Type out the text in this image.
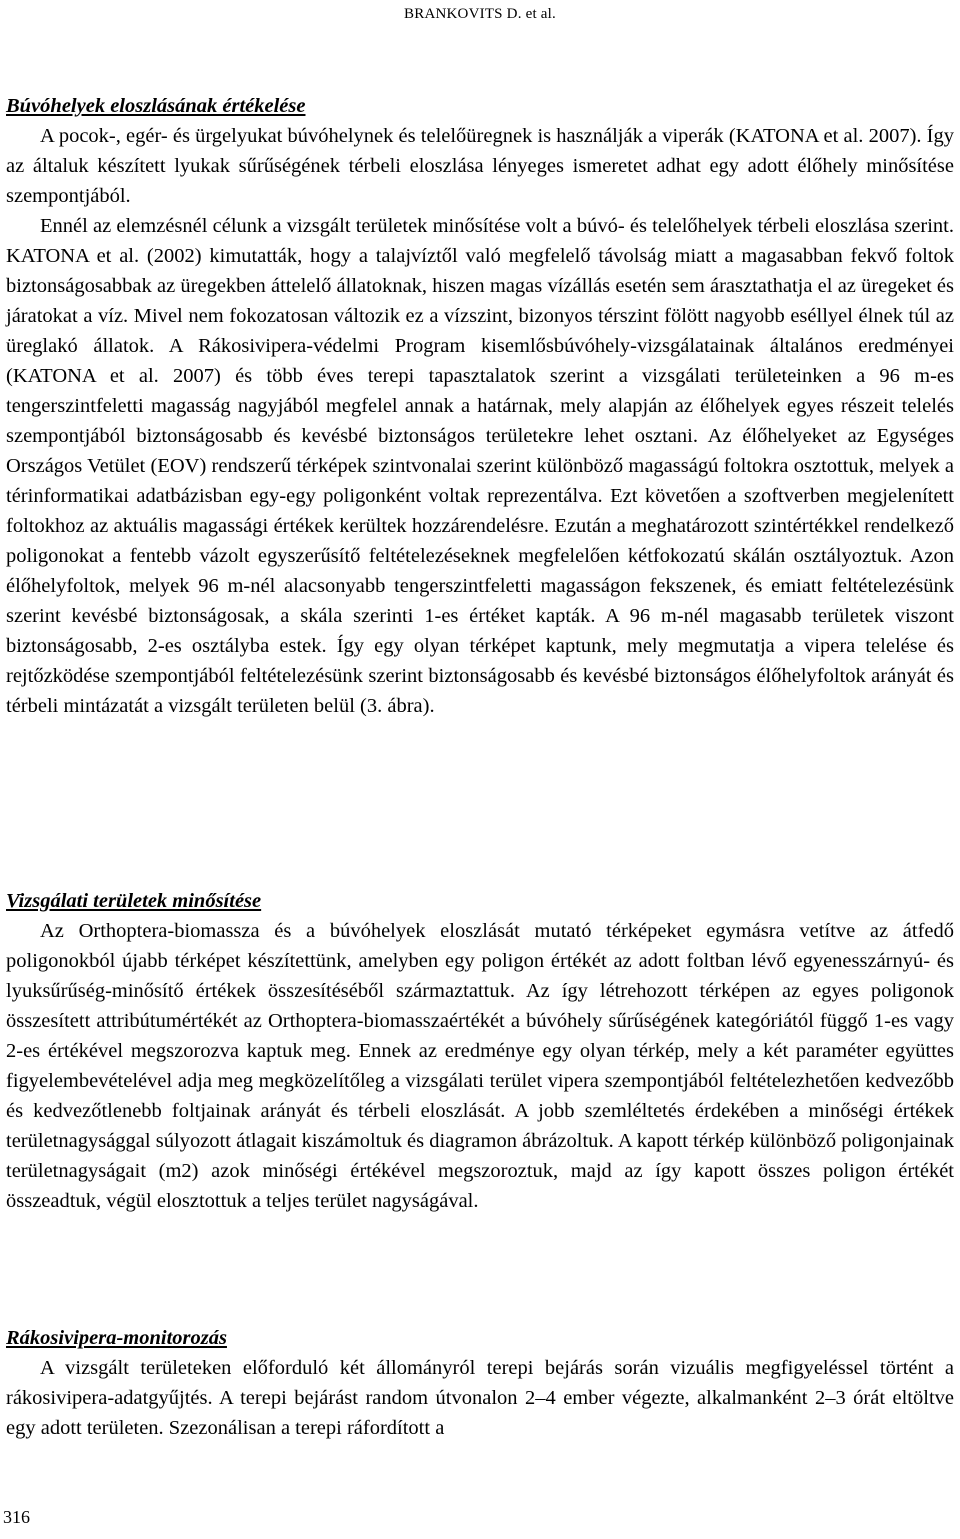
BRANKOVITS D. et al.
Búvóhelyek eloszlásának értékelése

A pocok-, egér- és ürgelyukat búvóhelynek és telelőüregnek is használják a viperák (KATONA et al. 2007). Így az általuk készített lyukak sűrűségének térbeli eloszlása lényeges ismeretet adhat egy adott élőhely minősítése szempontjából.

Ennél az elemzésnél célunk a vizsgált területek minősítése volt a búvó- és telelőhelyek térbeli eloszlása szerint. KATONA et al. (2002) kimutatták, hogy a talajvíztől való megfelelő távolság miatt a magasabban fekvő foltok biztonságosabbak az üregekben áttelelő állatoknak, hiszen magas vízállás esetén sem árasztathatja el az üregeket és járatokat a víz. Mivel nem fokozatosan változik ez a vízszint, bizonyos térszint fölött nagyobb eséllyel élnek túl az üreglakó állatok. A Rákosivipera-védelmi Program kisemlősbúvóhely-vizsgálatainak általános eredményei (KATONA et al. 2007) és több éves terepi tapasztalatok szerint a vizsgálati területeinken a 96 m-es tengerszintfeletti magasság nagyjából megfelel annak a határnak, mely alapján az élőhelyek egyes részeit telelés szempontjából biztonságosabb és kevésbé biztonságos területekre lehet osztani. Az élőhelyeket az Egységes Országos Vetület (EOV) rendszerű térképek szintvonalai szerint különböző magasságú foltokra osztottuk, melyek a térinformatikai adatbázisban egy-egy poligonként voltak reprezentálva. Ezt követően a szoftverben megjelenített foltokhoz az aktuális magassági értékek kerültek hozzárendelésre. Ezután a meghatározott szintértékkel rendelkező poligonokat a fentebb vázolt egyszerűsítő feltételezéseknek megfelelően kétfokozatú skálán osztályoztuk. Azon élőhelyfoltok, melyek 96 m-nél alacsonyabb tengerszintfeletti magasságon fekszenek, és emiatt feltételezésünk szerint kevésbé biztonságosak, a skála szerinti 1-es értéket kapták. A 96 m-nél magasabb területek viszont biztonságosabb, 2-es osztályba estek. Így egy olyan térképet kaptunk, mely megmutatja a vipera telelése és rejtőzködése szempontjából feltételezésünk szerint biztonságosabb és kevésbé biztonságos élőhelyfoltok arányát és térbeli mintázatát a vizsgált területen belül (3. ábra).

Vizsgálati területek minősítése

Az Orthoptera-biomassza és a búvóhelyek eloszlását mutató térképeket egymásra vetítve az átfedő poligonokból újabb térképet készítettünk, amelyben egy poligon értékét az adott foltban lévő egyenesszárnyú- és lyuksűrűség-minősítő értékek összesítéséből származtattuk. Az így létrehozott térképen az egyes poligonok összesített attribútumértékét az Orthoptera-biomasszaértékét a búvóhely sűrűségének kategóriától függő 1-es vagy 2-es értékével megszorozva kaptuk meg. Ennek az eredménye egy olyan térkép, mely a két paraméter együttes figyelembevételével adja meg megközelítőleg a vizsgálati terület vipera szempontjából feltételezhetően kedvezőbb és kedvezőtlenebb foltjainak arányát és térbeli eloszlását. A jobb szemléltetés érdekében a minőségi értékek területnagysággal súlyozott átlagait kiszámoltuk és diagramon ábrázoltuk. A kapott térkép különböző poligonjainak területnagyságait (m2) azok minőségi értékével megszoroztuk, majd az így kapott összes poligon értékét összeadtuk, végül elosztottuk a teljes terület nagyságával.

Rákosivipera-monitorozás

A vizsgált területeken előforduló két állományról terepi bejárás során vizuális megfigyeléssel történt a rákosivipera-adatgyűjtés. A terepi bejárást random útvonalon 2–4 ember végezte, alkalmanként 2–3 órát eltöltve egy adott területen. Szezonálisan a terepi ráfordított a

316
